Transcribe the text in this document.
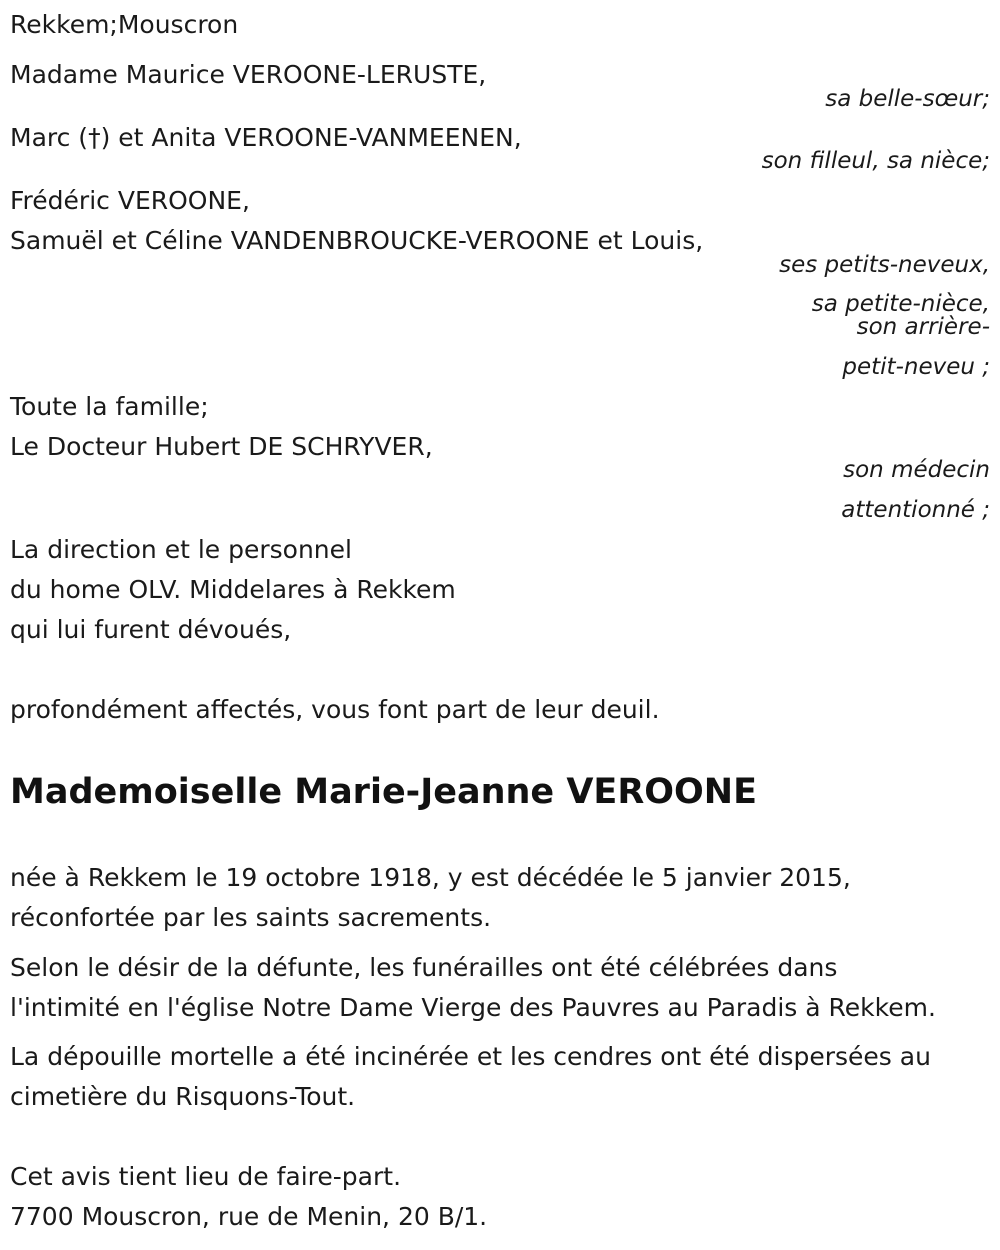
Rekkem;Mouscron

Madame Maurice VEROONE-LERUSTE,

sa belle-sœur;

Marc (†) et Anita VEROONE-VANMEENEN,

son filleul, sa nièce;

Frédéric VEROONE,

Samuël et Céline VANDENBROUCKE-VEROONE et Louis,

ses petits-neveux,

sa petite-nièce,

son arrière-

petit-neveu ;

Toute la famille;

Le Docteur Hubert DE SCHRYVER,

son médecin

attentionné ;

La direction et le personnel

du home OLV. Middelares à Rekkem

qui lui furent dévoués,

profondément affectés, vous font part de leur deuil.

Mademoiselle Marie-Jeanne VEROONE

née à Rekkem le 19 octobre 1918, y est décédée le 5 janvier 2015,

réconfortée par les saints sacrements.

Selon le désir de la défunte, les funérailles ont été célébrées dans

l'intimité en l'église Notre Dame Vierge des Pauvres au Paradis à Rekkem.

La dépouille mortelle a été incinérée et les cendres ont été dispersées au

cimetière du Risquons-Tout.

Cet avis tient lieu de faire-part.

7700 Mouscron, rue de Menin, 20 B/1.
